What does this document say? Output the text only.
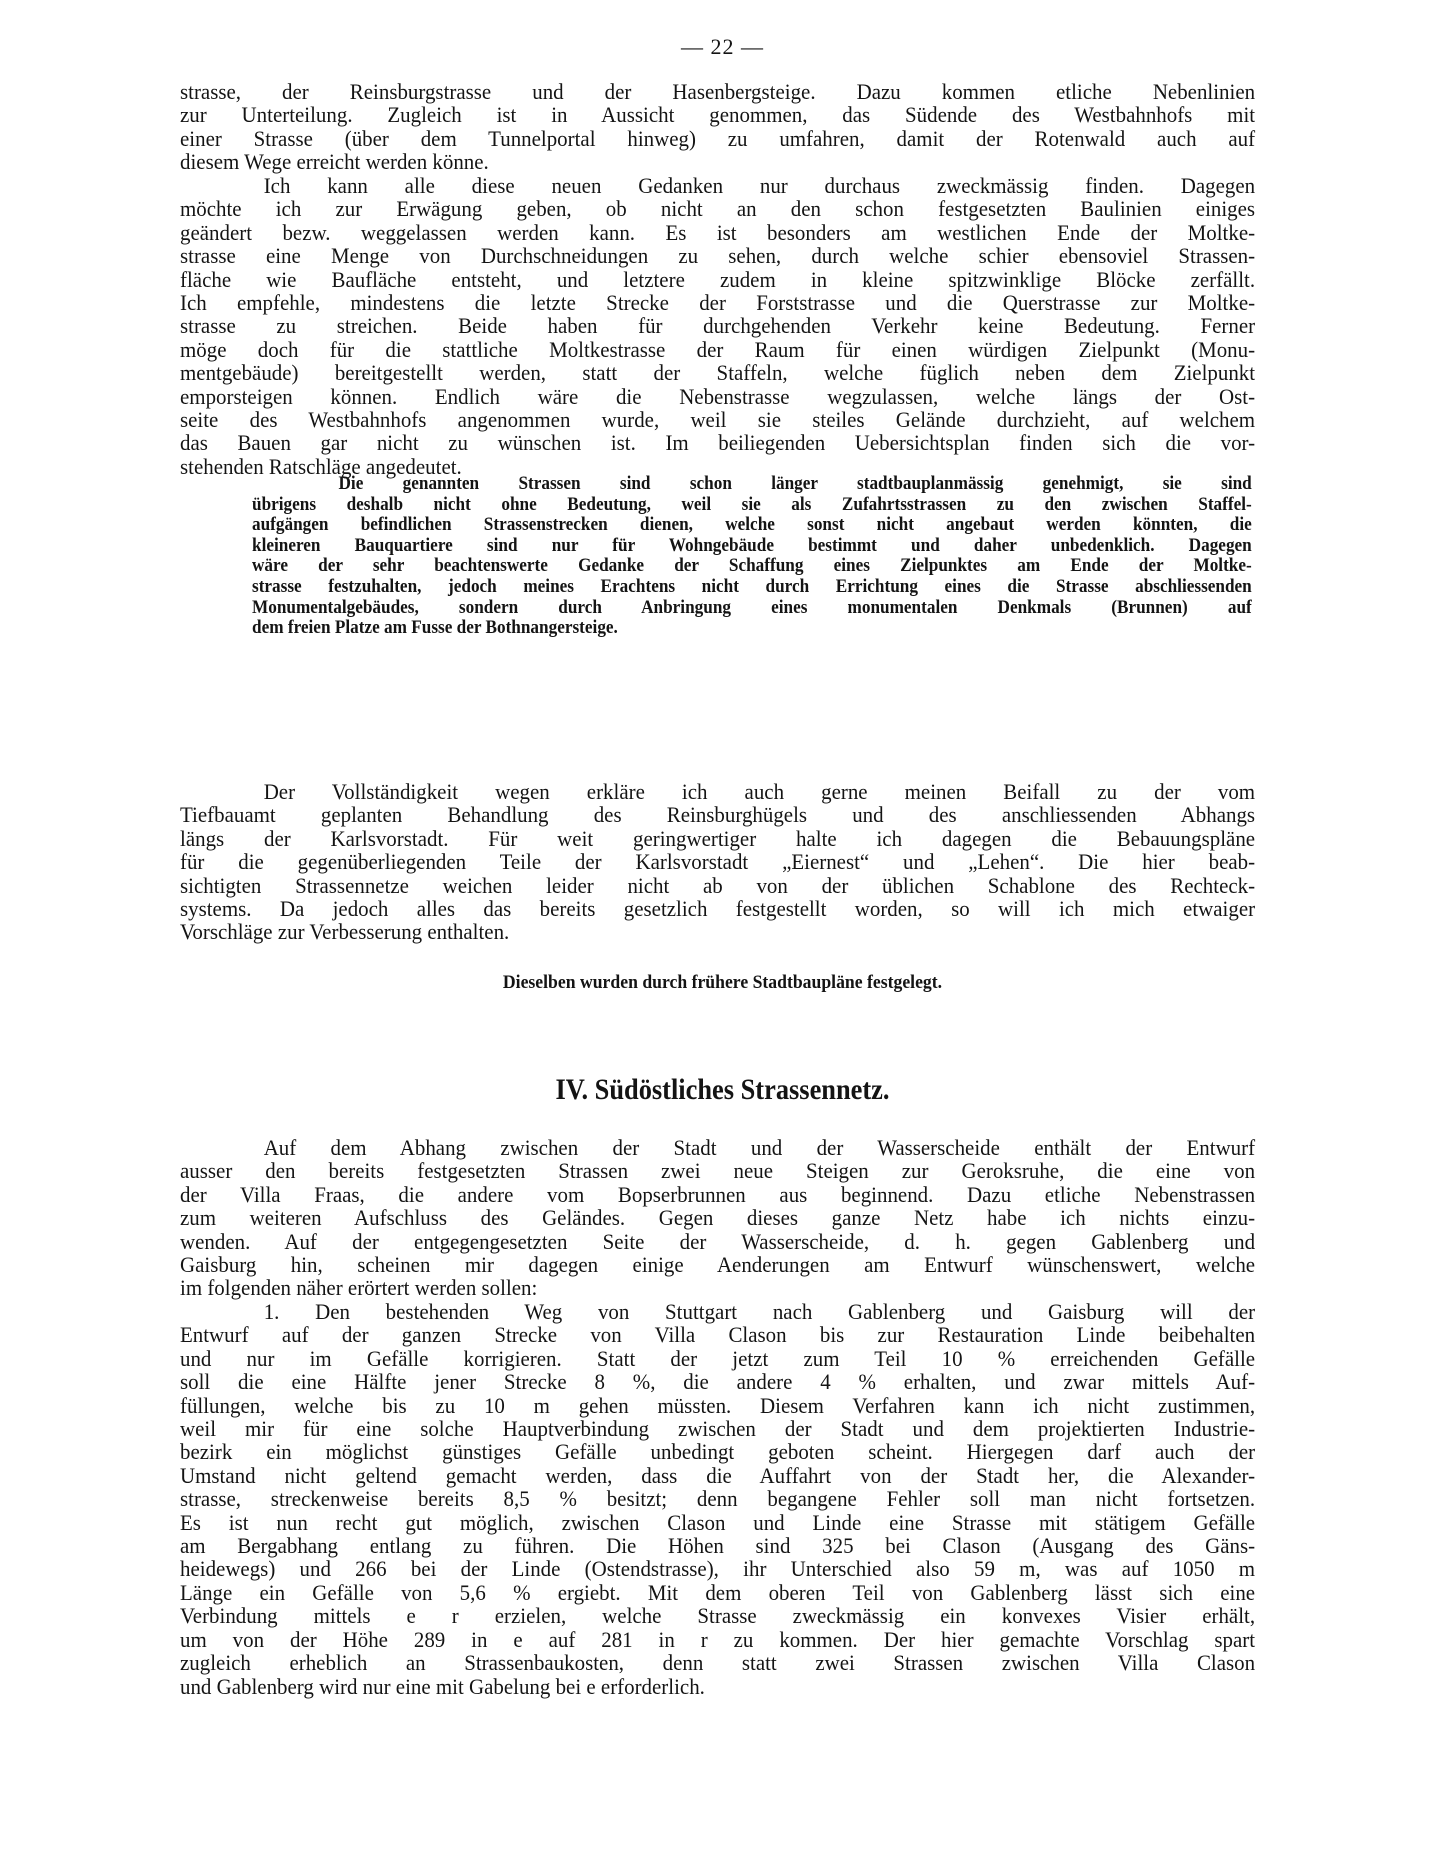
— 22 —
strasse, der Reinsburgstrasse und der Hasenbergsteige. Dazu kommen etliche Nebenlinien
zur Unterteilung. Zugleich ist in Aussicht genommen, das Südende des Westbahnhofs mit
einer Strasse (über dem Tunnelportal hinweg) zu umfahren, damit der Rotenwald auch auf
diesem Wege erreicht werden könne.
Ich kann alle diese neuen Gedanken nur durchaus zweckmässig finden. Dagegen
möchte ich zur Erwägung geben, ob nicht an den schon festgesetzten Baulinien einiges
geändert bezw. weggelassen werden kann. Es ist besonders am westlichen Ende der Moltke-
strasse eine Menge von Durchschneidungen zu sehen, durch welche schier ebensoviel Strassen-
fläche wie Baufläche entsteht, und letztere zudem in kleine spitzwinklige Blöcke zerfällt.
Ich empfehle, mindestens die letzte Strecke der Forststrasse und die Querstrasse zur Moltke-
strasse zu streichen. Beide haben für durchgehenden Verkehr keine Bedeutung. Ferner
möge doch für die stattliche Moltkestrasse der Raum für einen würdigen Zielpunkt (Monu-
mentgebäude) bereitgestellt werden, statt der Staffeln, welche füglich neben dem Zielpunkt
emporsteigen können. Endlich wäre die Nebenstrasse wegzulassen, welche längs der Ost-
seite des Westbahnhofs angenommen wurde, weil sie steiles Gelände durchzieht, auf welchem
das Bauen gar nicht zu wünschen ist. Im beiliegenden Uebersichtsplan finden sich die vor-
stehenden Ratschläge angedeutet.
Die genannten Strassen sind schon länger stadtbauplanmässig genehmigt, sie sind
übrigens deshalb nicht ohne Bedeutung, weil sie als Zufahrtsstrassen zu den zwischen Staffel-
aufgängen befindlichen Strassenstrecken dienen, welche sonst nicht angebaut werden könnten, die
kleineren Bauquartiere sind nur für Wohngebäude bestimmt und daher unbedenklich. Dagegen
wäre der sehr beachtenswerte Gedanke der Schaffung eines Zielpunktes am Ende der Moltke-
strasse festzuhalten, jedoch meines Erachtens nicht durch Errichtung eines die Strasse abschliessenden
Monumentalgebäudes, sondern durch Anbringung eines monumentalen Denkmals (Brunnen) auf
dem freien Platze am Fusse der Bothnangersteige.
Der Vollständigkeit wegen erkläre ich auch gerne meinen Beifall zu der vom
Tiefbauamt geplanten Behandlung des Reinsburghügels und des anschliessenden Abhangs
längs der Karlsvorstadt. Für weit geringwertiger halte ich dagegen die Bebauungspläne
für die gegenüberliegenden Teile der Karlsvorstadt „Eiernest“ und „Lehen“. Die hier beab-
sichtigten Strassennetze weichen leider nicht ab von der üblichen Schablone des Rechteck-
systems. Da jedoch alles das bereits gesetzlich festgestellt worden, so will ich mich etwaiger
Vorschläge zur Verbesserung enthalten.
Dieselben wurden durch frühere Stadtbaupläne festgelegt.
IV. Südöstliches Strassennetz.
Auf dem Abhang zwischen der Stadt und der Wasserscheide enthält der Entwurf
ausser den bereits festgesetzten Strassen zwei neue Steigen zur Geroksruhe, die eine von
der Villa Fraas, die andere vom Bopserbrunnen aus beginnend. Dazu etliche Nebenstrassen
zum weiteren Aufschluss des Geländes. Gegen dieses ganze Netz habe ich nichts einzu-
wenden. Auf der entgegengesetzten Seite der Wasserscheide, d. h. gegen Gablenberg und
Gaisburg hin, scheinen mir dagegen einige Aenderungen am Entwurf wünschenswert, welche
im folgenden näher erörtert werden sollen:
1. Den bestehenden Weg von Stuttgart nach Gablenberg und Gaisburg will der
Entwurf auf der ganzen Strecke von Villa Clason bis zur Restauration Linde beibehalten
und nur im Gefälle korrigieren. Statt der jetzt zum Teil 10 % erreichenden Gefälle
soll die eine Hälfte jener Strecke 8 %, die andere 4 % erhalten, und zwar mittels Auf-
füllungen, welche bis zu 10 m gehen müssten. Diesem Verfahren kann ich nicht zustimmen,
weil mir für eine solche Hauptverbindung zwischen der Stadt und dem projektierten Industrie-
bezirk ein möglichst günstiges Gefälle unbedingt geboten scheint. Hiergegen darf auch der
Umstand nicht geltend gemacht werden, dass die Auffahrt von der Stadt her, die Alexander-
strasse, streckenweise bereits 8,5 % besitzt; denn begangene Fehler soll man nicht fortsetzen.
Es ist nun recht gut möglich, zwischen Clason und Linde eine Strasse mit stätigem Gefälle
am Bergabhang entlang zu führen. Die Höhen sind 325 bei Clason (Ausgang des Gäns-
heidewegs) und 266 bei der Linde (Ostendstrasse), ihr Unterschied also 59 m, was auf 1050 m
Länge ein Gefälle von 5,6 % ergiebt. Mit dem oberen Teil von Gablenberg lässt sich eine
Verbindung mittels e r erzielen, welche Strasse zweckmässig ein konvexes Visier erhält,
um von der Höhe 289 in e auf 281 in r zu kommen. Der hier gemachte Vorschlag spart
zugleich erheblich an Strassenbaukosten, denn statt zwei Strassen zwischen Villa Clason
und Gablenberg wird nur eine mit Gabelung bei e erforderlich.
